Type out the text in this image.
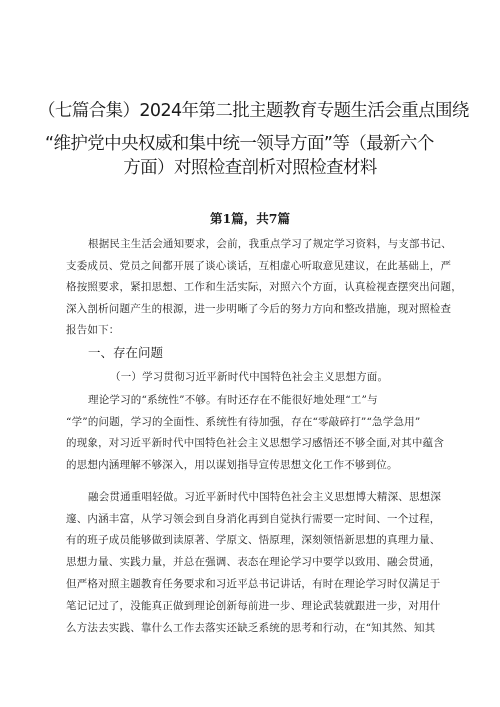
（七篇合集）2024年第二批主题教育专题生活会重点围绕
“维护党中央权威和集中统一领导方面”等（最新六个
方面）对照检查剖析对照检查材料
第1篇，共7篇
根据民主生活会通知要求，会前，我重点学习了规定学习资料，与支部书记、
支委成员、党员之间都开展了谈心谈话，互相虚心听取意见建议，在此基础上，严
格按照要求，紧扣思想、工作和生活实际，对照六个方面，认真检视查摆突出问题，
深入剖析问题产生的根源，进一步明晰了今后的努力方向和整改措施，现对照检查
报告如下：
一、存在问题
（一）学习贯彻习近平新时代中国特色社会主义思想方面。
理论学习的“系统性”不够。有时还存在不能很好地处理“工”与
“学”的问题，学习的全面性、系统性有待加强，存在“零敲碎打”“急学急用”
的现象，对习近平新时代中国特色社会主义思想学习感悟还不够全面,对其中蕴含
的思想内涵理解不够深入，用以谋划指导宣传思想文化工作不够到位。
融会贯通重唱轻做。习近平新时代中国特色社会主义思想博大精深、思想深
邃、内涵丰富，从学习领会到自身消化再到自觉执行需要一定时间、一个过程，
有的班子成员能够做到读原著、学原文、悟原理，深刻领悟新思想的真理力量、
思想力量、实践力量，并总在强调、表态在理论学习中要学以致用、融会贯通，
但严格对照主题教育任务要求和习近平总书记讲话，有时在理论学习时仅满足于
笔记记过了，没能真正做到理论创新每前进一步、理论武装就跟进一步，对用什
么方法去实践、靠什么工作去落实还缺乏系统的思考和行动，在“知其然、知其
